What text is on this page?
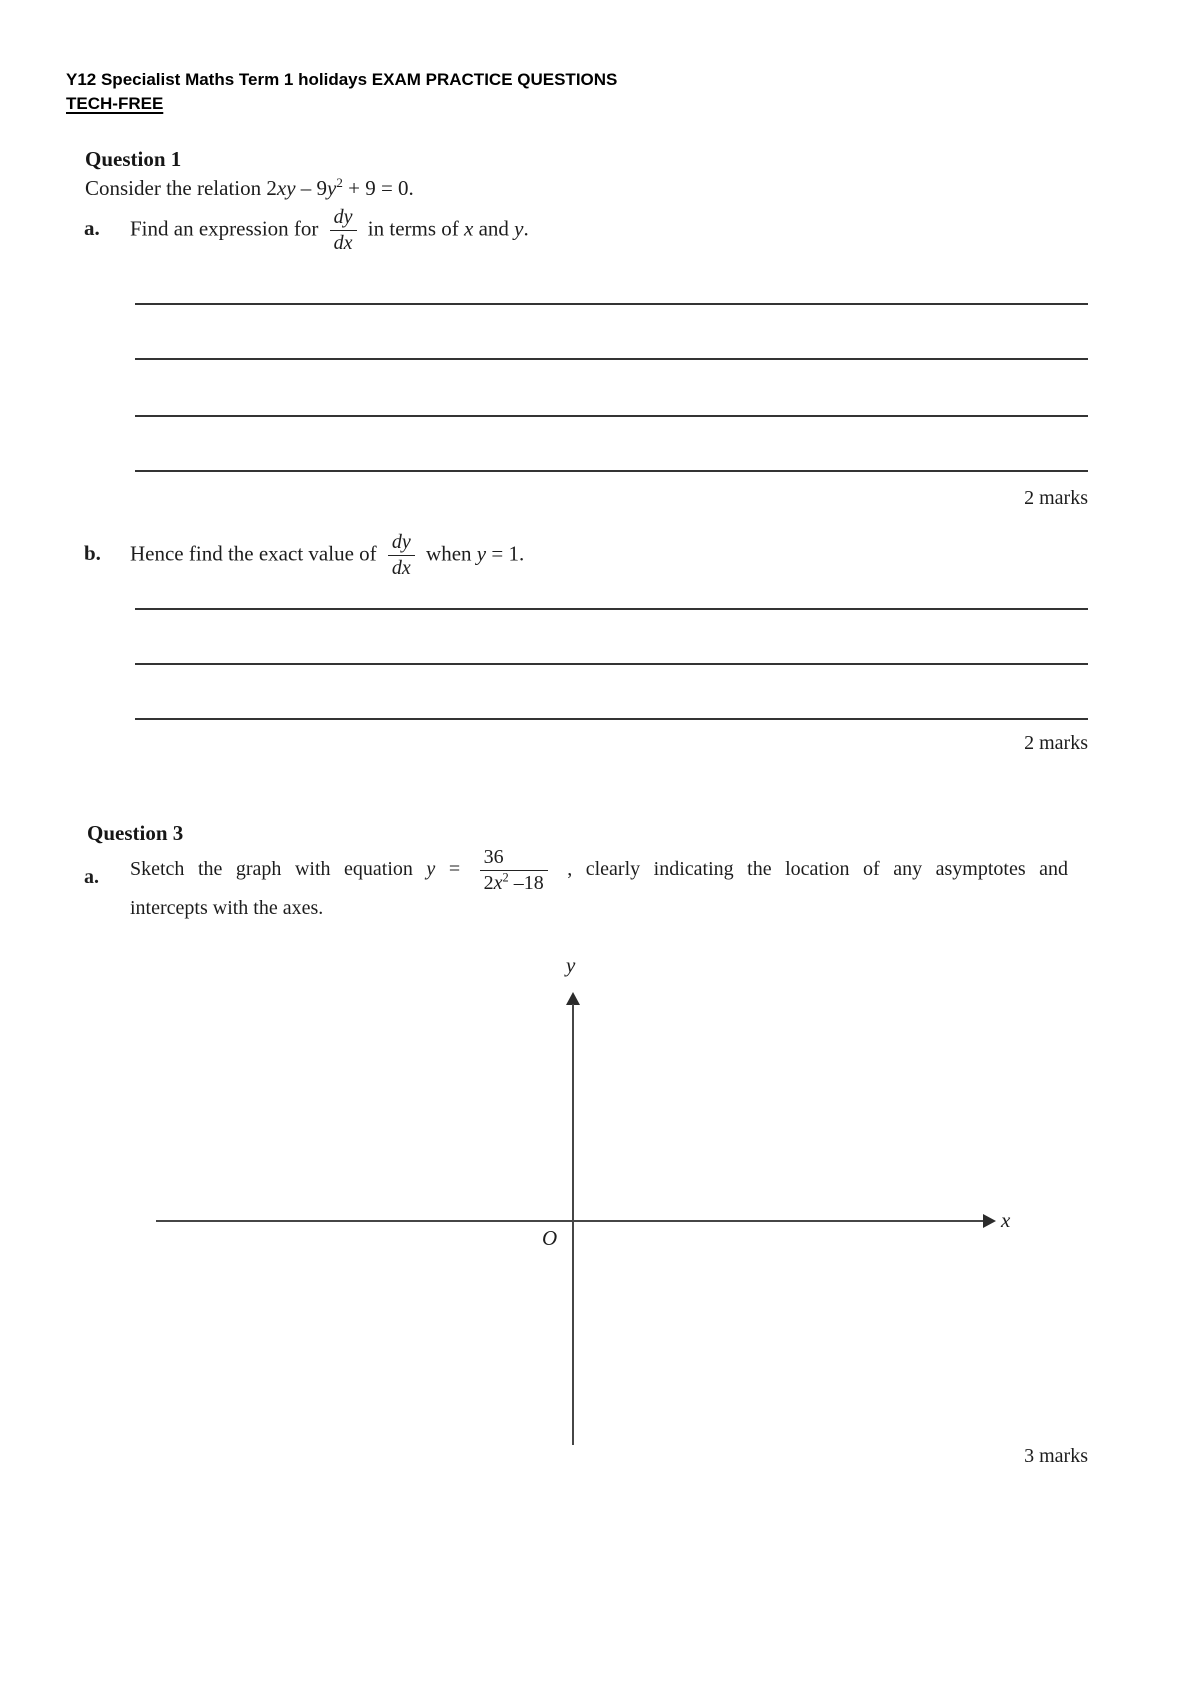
Y12 Specialist Maths Term 1 holidays EXAM PRACTICE QUESTIONS
TECH-FREE
Question 1
Consider the relation $2xy - 9y^2 + 9 = 0$.
a. Find an expression for $\frac{dy}{dx}$ in terms of x and y.
2 marks
b. Hence find the exact value of $\frac{dy}{dx}$ when y = 1.
2 marks
Question 3
a.	Sketch the graph with equation $y = \frac{36}{2x^2 -18}$ , clearly indicating the location of any asymptotes and
intercepts with the axes.
y
x
O
3 marks
